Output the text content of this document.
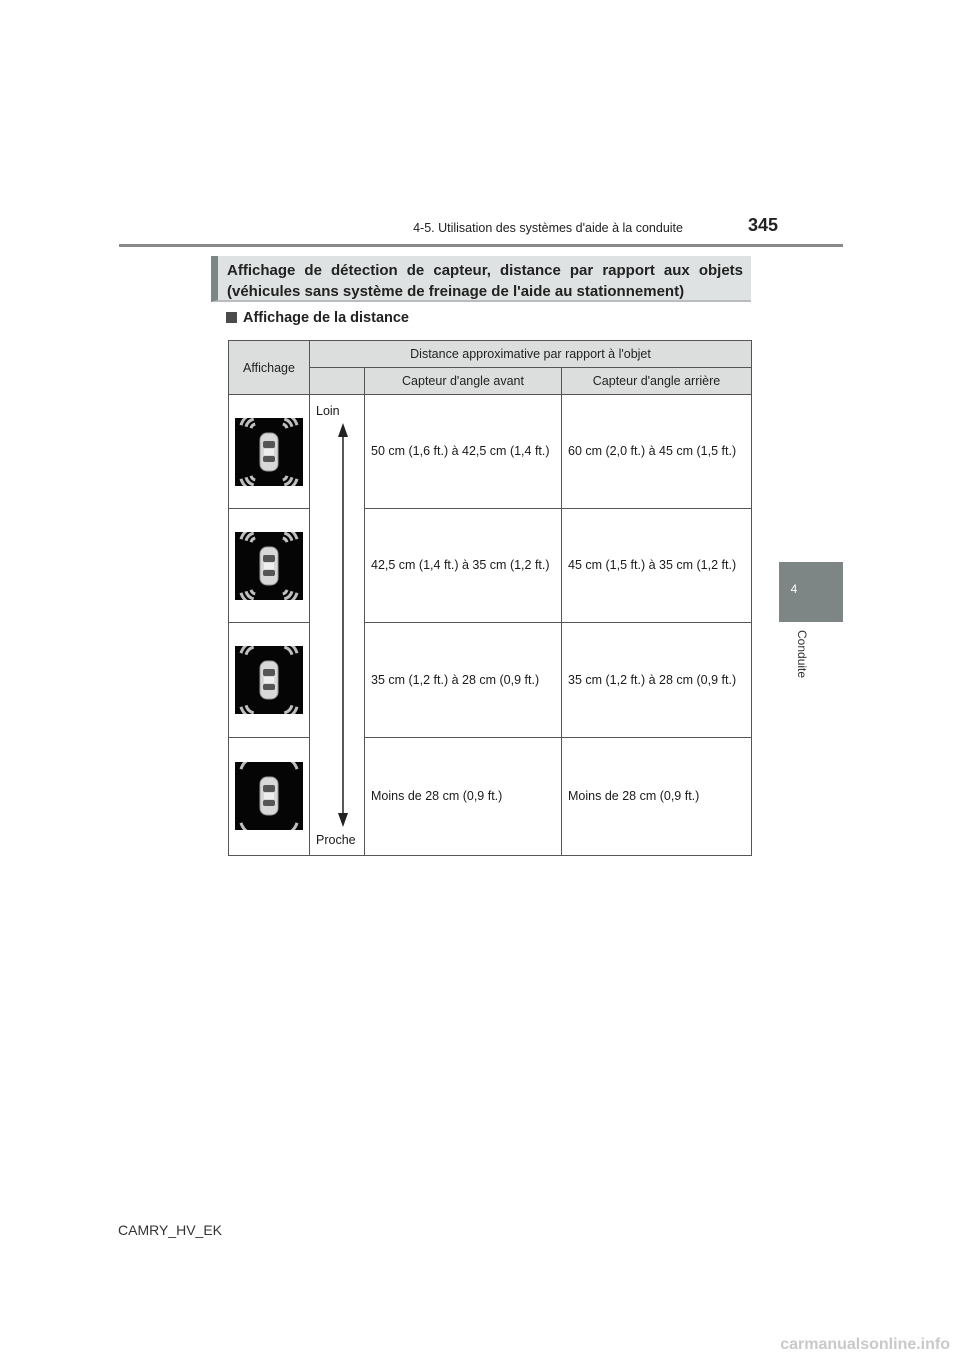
4-5. Utilisation des systèmes d'aide à la conduite	345
4
Conduite

Affichage de détection de capteur, distance par rapport aux objets (véhicules sans système de freinage de l'aide au stationnement)

Affichage de la distance
Affichage	Distance approximative par rapport à l'objet		
		Capteur d'angle avant	Capteur d'angle arrière

Loin
Proche	50 cm (1,6 ft.) à 42,5 cm (1,4 ft.)	60 cm (2,0 ft.) à 45 cm (1,5 ft.)

	42,5 cm (1,4 ft.) à 35 cm (1,2 ft.)	45 cm (1,5 ft.) à 35 cm (1,2 ft.)

	35 cm (1,2 ft.) à 28 cm (0,9 ft.)	35 cm (1,2 ft.) à 28 cm (0,9 ft.)

	Moins de 28 cm (0,9 ft.)	Moins de 28 cm (0,9 ft.)
CAMRY_HV_EK
carmanualsonline.info
